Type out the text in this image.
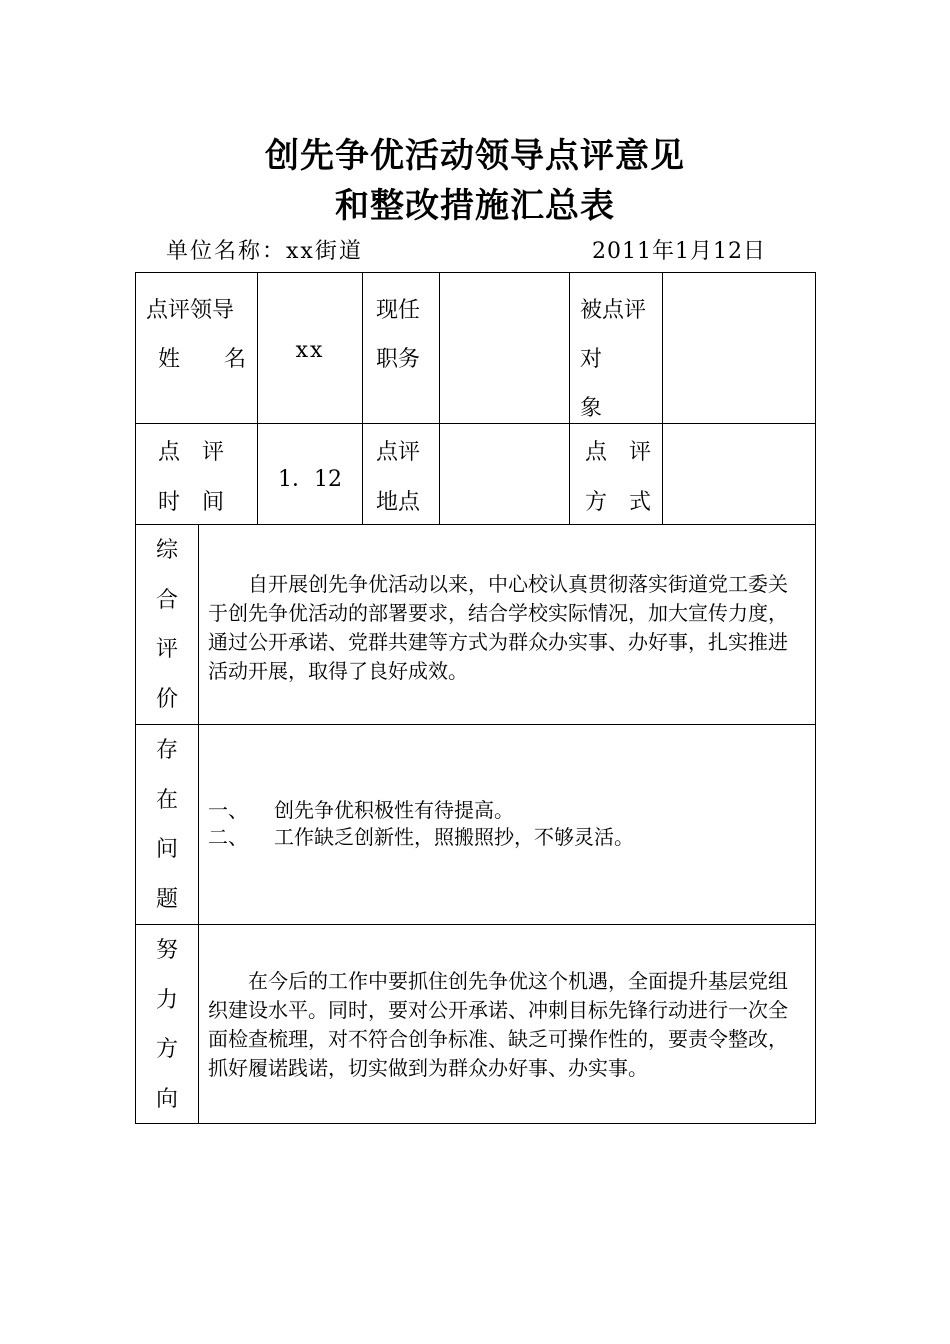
创先争优活动领导点评意见
和整改措施汇总表
单位名称：xx街道	2011年1月12日
点评领导
姓　　名	xx
现任
职务
被点评
对
象
点　评
时　间
1．12
点评
地点
点　评
方　式
综
合
评
价
自开展创先争优活动以来，中心校认真贯彻落实街道党工委关于创先争优活动的部署要求，结合学校实际情况，加大宣传力度，通过公开承诺、党群共建等方式为群众办实事、办好事，扎实推进活动开展，取得了良好成效。
存
在
问
题
一、 创先争优积极性有待提高。
二、 工作缺乏创新性，照搬照抄，不够灵活。
努
力
方
向
在今后的工作中要抓住创先争优这个机遇，全面提升基层党组织建设水平。同时，要对公开承诺、冲刺目标先锋行动进行一次全面检查梳理，对不符合创争标准、缺乏可操作性的，要责令整改，抓好履诺践诺，切实做到为群众办好事、办实事。
